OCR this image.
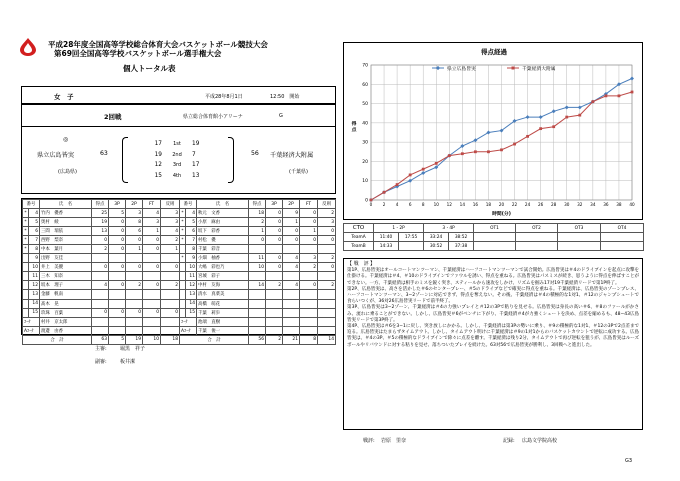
平成28年度全国高等学校総合体育大会バスケットボール競技大会
第69回全国高等学校バスケットボール選手権大会
個人トータル表
女　子	平成28年8月1日	12:50　開始
2回戦	県立総合体育館小アリーナ	G
◎
県立広島皆実	63
(広島県)
56 千葉経済大附属
(千葉県)
17	1st	19
19	2nd	7
12	3rd	17
15	4th	13
番号		氏　名	得点	3P	2P	FT	反則
*	4	竹内　優香	25	5	3	4	3
*	5	奥村　綾	19	0	8	3	3
*	6	三間　瑞依	13	0	6	1	4
*	7	西野　梨奈	0	0	0	0	2
*	8	中本　葉月	2	0	1	0	1
	9	出野　友佳					
	10	井上　美優	0	0	0	0	0
	11	三木　知奈					
	12	坂本　理子	4	0	2	0	2
	13	金藤　帆南					
	14	髙木　晃					
	15	玖珠　百葉	0	0	0	0	0
ｺｰﾁ		村井　京太郎					
Aｺｰﾁ		渡邊　由香					
合　計			63	5	19	10	18
番号		氏　名	得点	3P	2P	FT	反則
*	4	秋元　文香	18	0	9	0	2
*	5	小原　麻由	2	0	1	0	3
*	6	坂下　彩香	1	0	0	1	0
*	7	村松　優	0	0	0	0	0
	8	千葉　彩音					
*	9	小畑　柚香	11	0	4	3	2
	10	大嶋　彩也乃	10	0	4	2	0
	11	宮城　彩子					
	12	中村　友海	14	2	4	0	2
	13	清水　真菜美					
	14	高橋　萌花					
	15	千葉　莉歩					
ｺｰﾁ		池端　直樹					
Aｺｰﾁ		千葉　俊一					
合　計			56	2	21	8	14
主審:	堀黒　祥子
副審:	板井潔
得点経過
0
10
20
30
40
50
60
70
0 2 4 6 8 10 12 14 16 18 20 22 24 26 28 30 32 34 36 38 40
時間(分)
得
点
県立広島皆実	千葉経済大附属
CTO	1・2P		3・4P		OT1	OT2	OT3	OT4
TeamA	11:40	17:55	33:24	38:52				
TeamB	14:33		30:52	37:38				
【 戦　評 】

第1P、広島皆実はオールコートマンツーマン、千葉経済はハーフコートマンツーマンで試合開始。広島皆実は＃4のドライブインを起点に攻撃を仕掛ける。千葉経済は＃4、＃10のドライブインでファウルを誘い、得点を重ねる。広島皆実はパスミスが続き、思うように得点を伸ばすことができない。一方、千葉経済は相手のミスを鋭く突き、スティールから速攻をしかけ、リズムを掴み17対19千葉経済リードで第1P終了。

第2P、広島皆実は、高さを活かした＃6のセンタープレー、＃5のドライブなどで確実に得点を重ねる。千葉経済は、広島皆実のゾーンプレス、ハーフコートマンツーマン、3−2ゾーンに対応できず、得点を奪えない。その後、千葉経済は＃4の積極的な1対1、＃12のジャンプシュートで食らいつくが、36対26広島皆実リードで前半終了。

第3P、広島皆実は3−2ゾーン、千葉経済は＃4の力強いプレイと＃12の3Pで粘りを見せる。広島皆実は身長の高い＃6、＃8のファールがかさみ、流れに乗ることができない。しかし、広島皆実＃6がベンチに下がり、千葉経済＃4が力強くシュートを決め、点差を縮めるも、48−43広島皆実リードで第3P終了。

第4P、広島皆実は＃6を3−1に戻し、突き放しにかかる。しかし、千葉経済は第3Pの勢いに乗り、＃9の積極的な1対1、＃12の3Pで2点差まで迫る。広島皆実はたまらずタイムアウト。しかし、タイムアウト明けに千葉経済は＃9の1対1からのバスケットカウントで逆転に成功する。広島皆実は、＃4の3P、＃5の積極的なドライブインで除々に点差を離す。千葉経済は残り2分、タイムアウトで再び逆転を狙うが、広島皆実はルーズボールやリバウンドに対する粘りを見せ、落ちついたプレイを続けた。63対56で広島皆実が勝利し、3回戦へと進出した。

戦評: 岩原　里奈	記録: 広島文学院高校
G3
